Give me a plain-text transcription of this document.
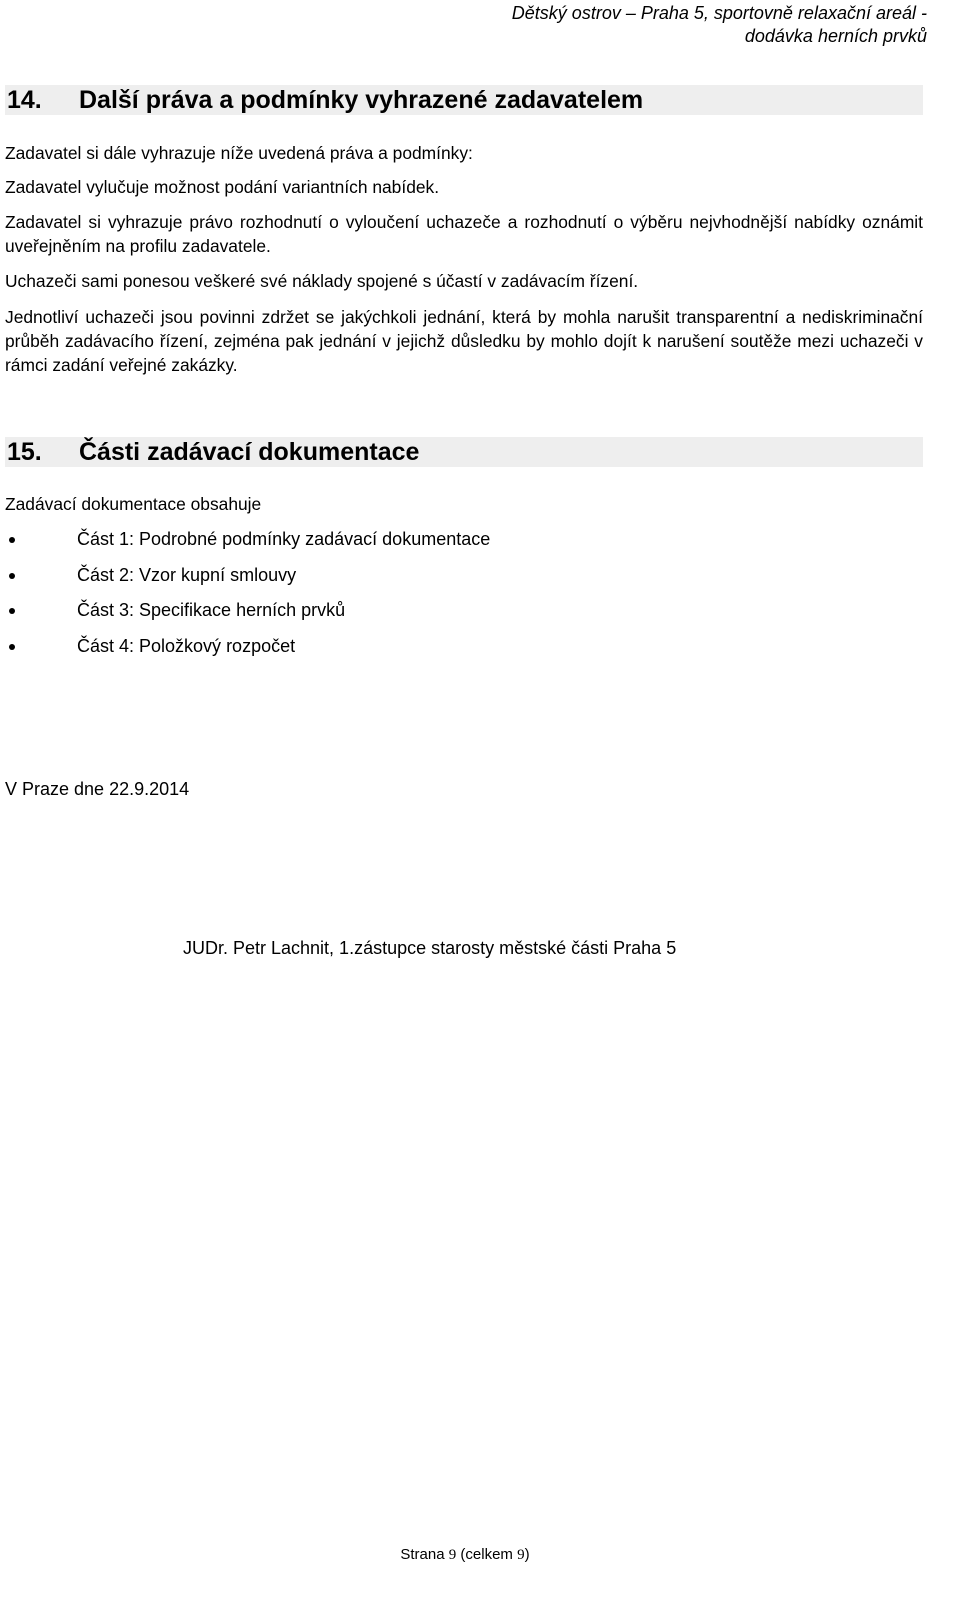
Dětský ostrov – Praha 5, sportovně relaxační areál -
dodávka herních prvků
14. Další práva a podmínky vyhrazené zadavatelem
Zadavatel si dále vyhrazuje níže uvedená práva a podmínky:
Zadavatel vylučuje možnost podání variantních nabídek.
Zadavatel si vyhrazuje právo rozhodnutí o vyloučení uchazeče a rozhodnutí o výběru nejvhodnější nabídky oznámit uveřejněním na profilu zadavatele.
Uchazeči sami ponesou veškeré své náklady spojené s účastí v zadávacím řízení.
Jednotliví uchazeči jsou povinni zdržet se jakýchkoli jednání, která by mohla narušit transparentní a nediskriminační průběh zadávacího řízení, zejména pak jednání v jejichž důsledku by mohlo dojít k narušení soutěže mezi uchazeči v rámci zadání veřejné zakázky.
15. Části zadávací dokumentace
Zadávací dokumentace obsahuje
Část 1: Podrobné podmínky zadávací dokumentace
Část 2: Vzor kupní smlouvy
Část 3: Specifikace herních prvků
Část 4: Položkový rozpočet
V Praze dne 22.9.2014
JUDr. Petr Lachnit, 1.zástupce starosty městské části Praha 5
Strana 9 (celkem 9)
